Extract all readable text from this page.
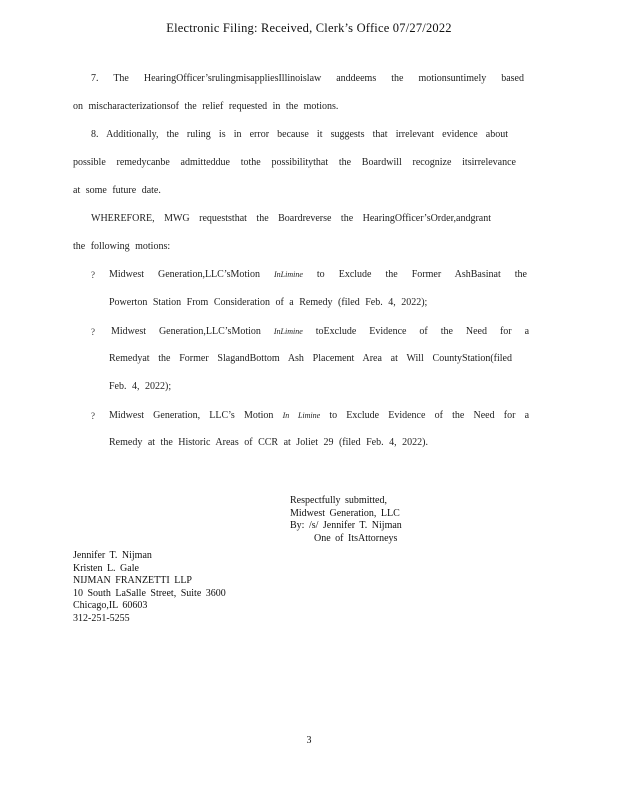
Electronic Filing: Received, Clerk’s Office 07/27/2022
7. The HearingOfficer’srulingmisappliesIllinoislaw anddeems the motionsuntimely based
on mischaracterizationsof the relief requested in the motions.
8. Additionally, the ruling is in error because it suggests that irrelevant evidence about
possible remedycanbe admitteddue tothe possibilitythat the Boardwill recognize itsirrelevance
at some future date.
WHEREFORE, MWG requeststhat the Boardreverse the HearingOfficer’sOrder,andgrant
the following motions:
? Midwest Generation,LLC’sMotion InLimine to Exclude the Former AshBasinat the
Powerton Station From Consideration of a Remedy (filed Feb. 4, 2022);
? Midwest Generation,LLC’sMotion InLimine toExclude Evidence of the Need for a
Remedyat the Former SlagandBottom Ash Placement Area at Will CountyStation(filed
Feb. 4, 2022);
? Midwest Generation, LLC’s Motion In Limine to Exclude Evidence of the Need for a
Remedy at the Historic Areas of CCR at Joliet 29 (filed Feb. 4, 2022).
Respectfully submitted,
Midwest Generation, LLC
By: /s/ Jennifer T. Nijman
One of ItsAttorneys
Jennifer T. Nijman
Kristen L. Gale
NIJMAN FRANZETTI LLP
10 South LaSalle Street, Suite 3600
Chicago,IL 60603
312-251-5255
3
